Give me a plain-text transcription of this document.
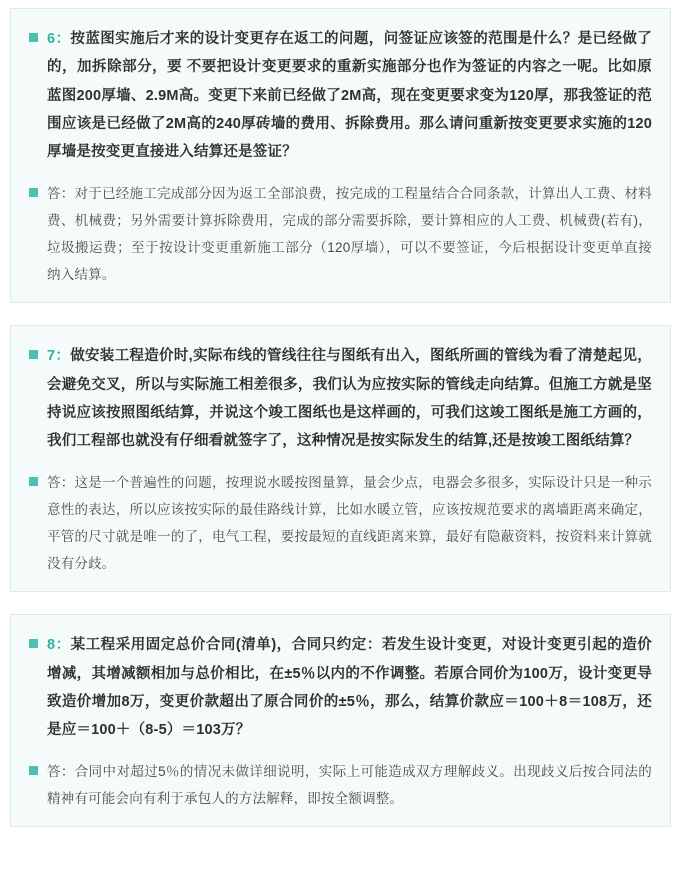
6：按蓝图实施后才来的设计变更存在返工的问题，问签证应该签的范围是什么？是已经做了的，加拆除部分，要 不要把设计变更要求的重新实施部分也作为签证的内容之一呢。比如原蓝图200厚墙、2.9M高。变更下来前已经做了2M高，现在变更要求变为120厚，那我签证的范围应该是已经做了2M高的240厚砖墙的费用、拆除费用。那么请问重新按变更要求实施的120厚墙是按变更直接进入结算还是签证？
答：对于已经施工完成部分因为返工全部浪费，按完成的工程量结合合同条款，计算出人工费、材料费、机械费；另外需要计算拆除费用，完成的部分需要拆除，要计算相应的人工费、机械费(若有)，垃圾搬运费；至于按设计变更重新施工部分（120厚墙），可以不要签证，今后根据设计变更单直接纳入结算。
7：做安装工程造价时,实际布线的管线往往与图纸有出入，图纸所画的管线为看了清楚起见，会避免交叉，所以与实际施工相差很多，我们认为应按实际的管线走向结算。但施工方就是坚持说应该按照图纸结算，并说这个竣工图纸也是这样画的，可我们这竣工图纸是施工方画的，我们工程部也就没有仔细看就签字了，这种情况是按实际发生的结算,还是按竣工图纸结算？
答：这是一个普遍性的问题，按理说水暖按图量算，量会少点，电器会多很多，实际设计只是一种示意性的表达，所以应该按实际的最佳路线计算，比如水暖立管，应该按规范要求的离墙距离来确定，平管的尺寸就是唯一的了，电气工程，要按最短的直线距离来算，最好有隐蔽资料，按资料来计算就没有分歧。
8：某工程采用固定总价合同(清单)，合同只约定：若发生设计变更，对设计变更引起的造价增减，其增减额相加与总价相比，在±5％以内的不作调整。若原合同价为100万，设计变更导致造价增加8万，变更价款超出了原合同价的±5％，那么，结算价款应＝100＋8＝108万，还是应＝100＋（8-5）＝103万？
答：合同中对超过5％的情况未做详细说明，实际上可能造成双方理解歧义。出现歧义后按合同法的精神有可能会向有利于承包人的方法解释，即按全额调整。
